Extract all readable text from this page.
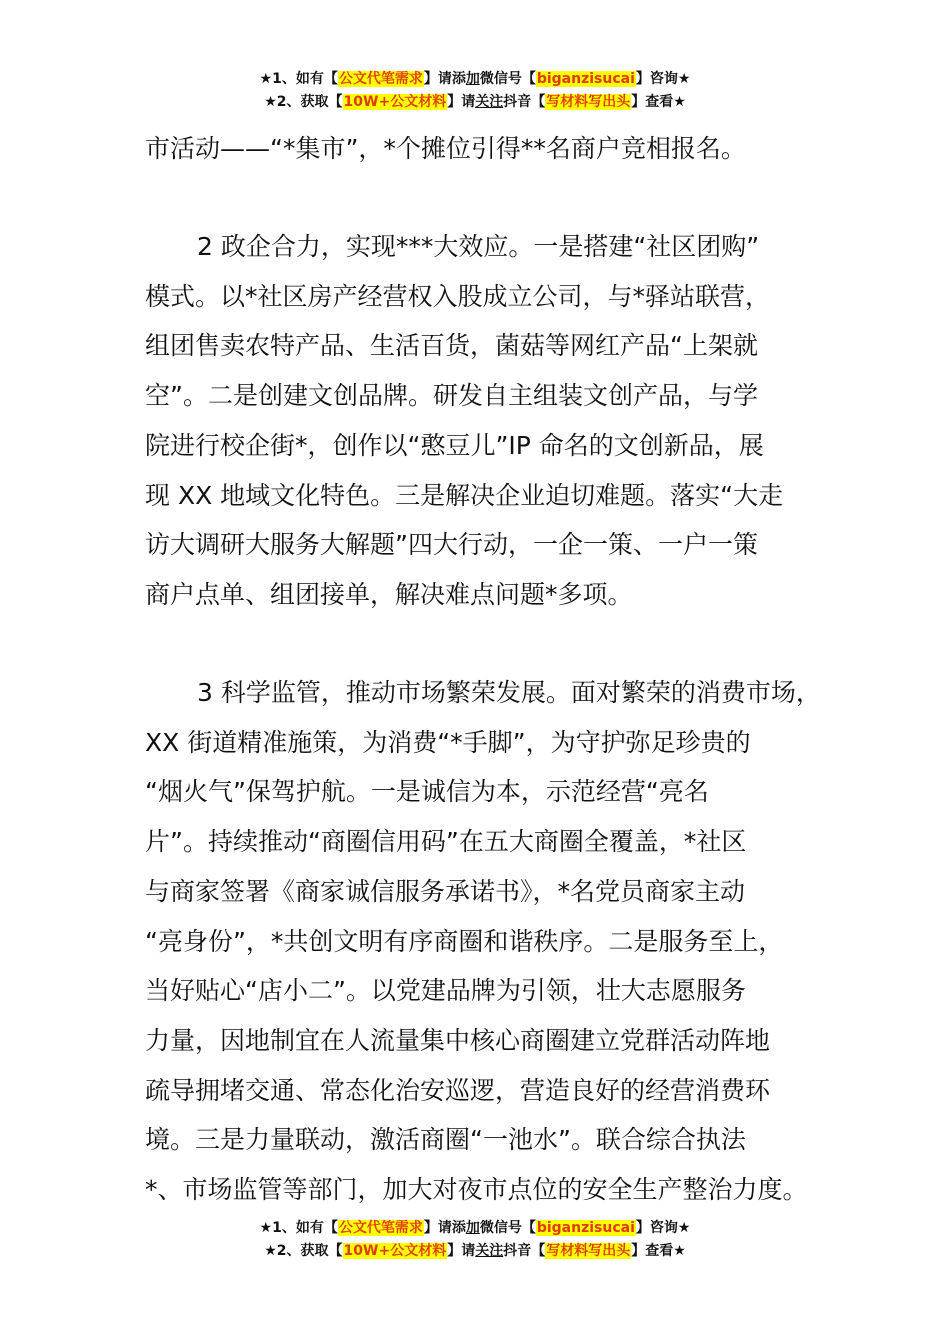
★1、如有【公文代笔需求】请添加微信号【biganzisucai】咨询★
★2、获取【10W+公文材料】请关注抖音【写材料写出头】查看★

市活动——“*集市”，*个摊位引得**名商户竞相报名。

2 政企合力，实现***大效应。一是搭建“社区团购”

模式。以*社区房产经营权入股成立公司，与*驿站联营，

组团售卖农特产品、生活百货，菌菇等网红产品“上架就

空”。二是创建文创品牌。研发自主组装文创产品，与学

院进行校企街*，创作以“憨豆儿”IP 命名的文创新品，展

现 XX 地域文化特色。三是解决企业迫切难题。落实“大走

访大调研大服务大解题”四大行动，一企一策、一户一策

商户点单、组团接单，解决难点问题*多项。

3 科学监管，推动市场繁荣发展。面对繁荣的消费市场，

XX 街道精准施策，为消费“*手脚”，为守护弥足珍贵的

“烟火气”保驾护航。一是诚信为本，示范经营“亮名

片”。持续推动“商圈信用码”在五大商圈全覆盖，*社区

与商家签署《商家诚信服务承诺书》，*名党员商家主动

“亮身份”，*共创文明有序商圈和谐秩序。二是服务至上，

当好贴心“店小二”。以党建品牌为引领，壮大志愿服务

力量，因地制宜在人流量集中核心商圈建立党群活动阵地

疏导拥堵交通、常态化治安巡逻，营造良好的经营消费环

境。三是力量联动，激活商圈“一池水”。联合综合执法

*、市场监管等部门，加大对夜市点位的安全生产整治力度。

★1、如有【公文代笔需求】请添加微信号【biganzisucai】咨询★
★2、获取【10W+公文材料】请关注抖音【写材料写出头】查看★
